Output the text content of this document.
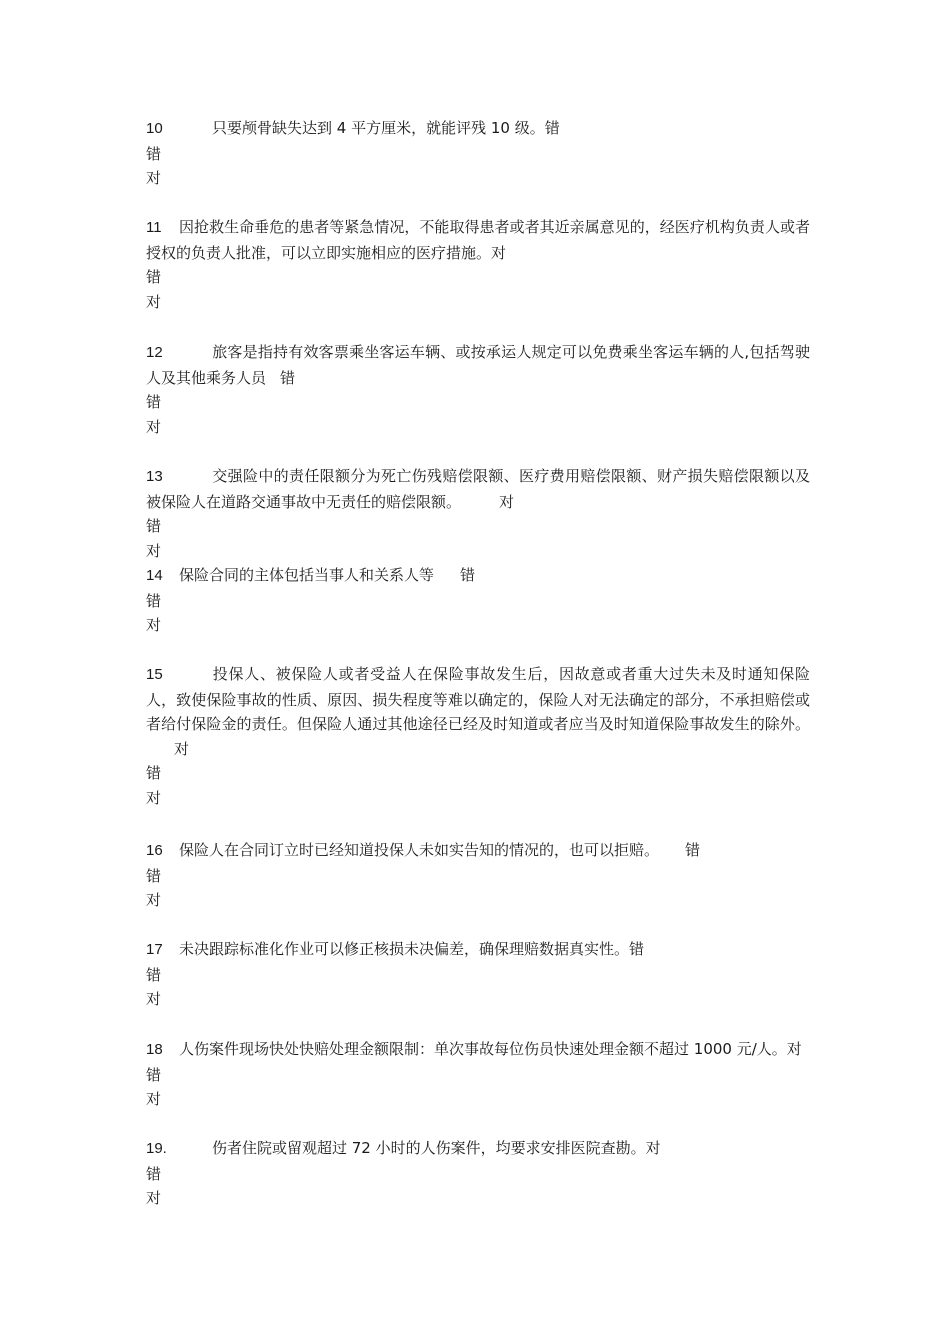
10	只要颅骨缺失达到 4 平方厘米，就能评残 10 级。错

错

对

11 因抢救生命垂危的患者等紧急情况，不能取得患者或者其近亲属意见的，经医疗机构负责人或者授权的负责人批准，可以立即实施相应的医疗措施。对

错

对

12	旅客是指持有效客票乘坐客运车辆、或按承运人规定可以免费乘坐客运车辆的人,包括驾驶人及其他乘务人员 错

错

对

13	交强险中的责任限额分为死亡伤残赔偿限额、医疗费用赔偿限额、财产损失赔偿限额以及被保险人在道路交通事故中无责任的赔偿限额。	对

错

对

14 保险合同的主体包括当事人和关系人等 错

错

对

15	投保人、被保险人或者受益人在保险事故发生后，因故意或者重大过失未及时通知保险人，致使保险事故的性质、原因、损失程度等难以确定的，保险人对无法确定的部分，不承担赔偿或者给付保险金的责任。但保险人通过其他途径已经及时知道或者应当及时知道保险事故发生的除外。对

错

对

16 保险人在合同订立时已经知道投保人未如实告知的情况的，也可以拒赔。 错

错

对

17 未决跟踪标准化作业可以修正核损未决偏差，确保理赔数据真实性。错

错

对

18 人伤案件现场快处快赔处理金额限制：单次事故每位伤员快速处理金额不超过 1000 元/人。对

错

对

19.	伤者住院或留观超过 72 小时的人伤案件，均要求安排医院查勘。对

错

对
